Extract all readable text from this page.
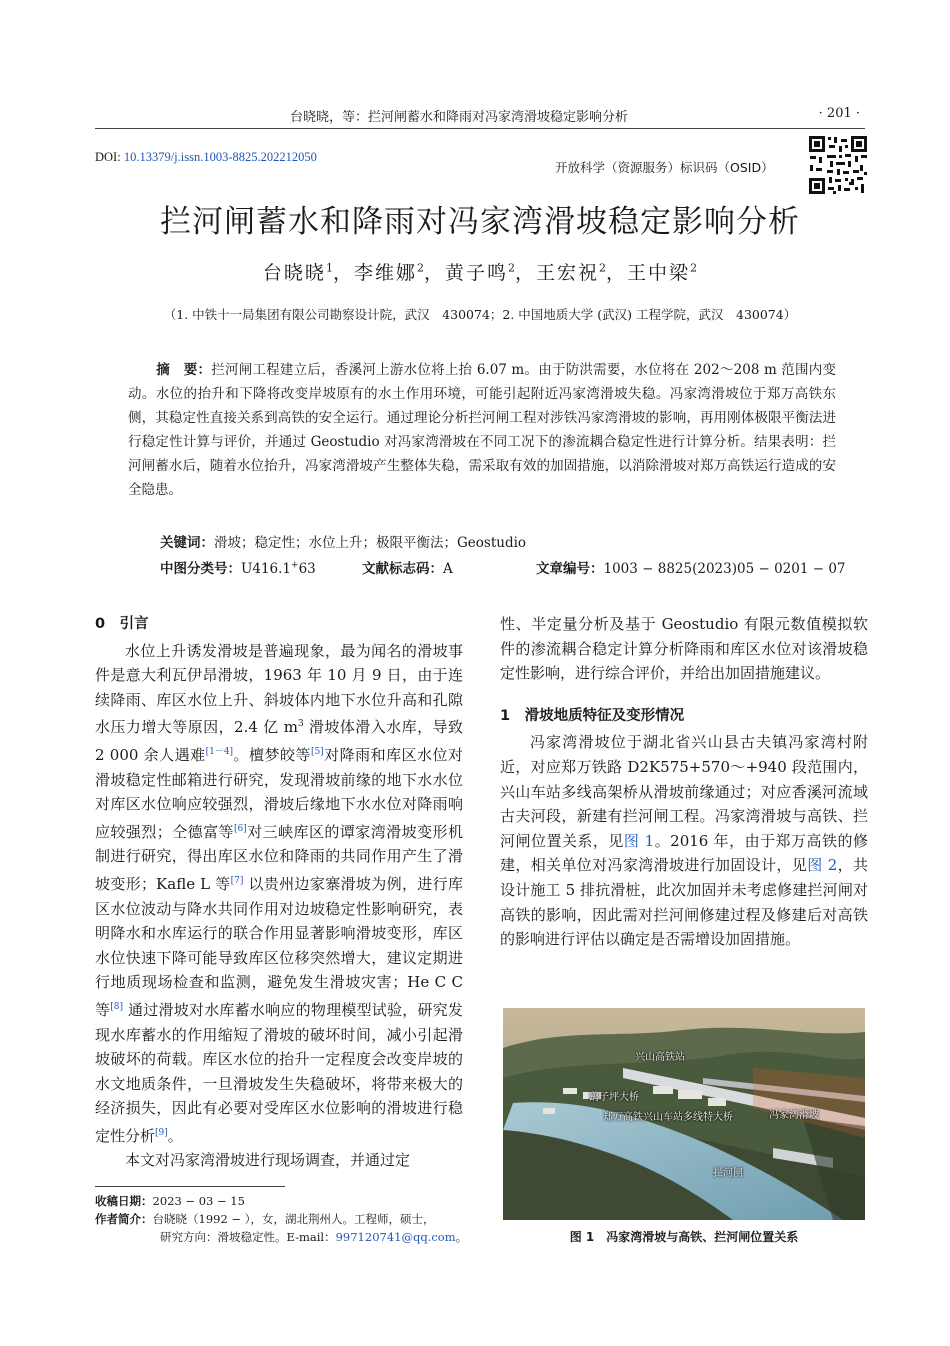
台晓晓，等：拦河闸蓄水和降雨对冯家湾滑坡稳定影响分析	· 201 ·
DOI: 10.13379/j.issn.1003-8825.202212050
开放科学（资源服务）标识码（OSID）
拦河闸蓄水和降雨对冯家湾滑坡稳定影响分析
台晓晓$^1$，李维娜$^2$，黄子鸣$^2$，王宏祝$^2$，王中梁$^2$
（1. 中铁十一局集团有限公司勘察设计院，武汉　430074；2. 中国地质大学 (武汉) 工程学院，武汉　430074）
摘　要：拦河闸工程建立后，香溪河上游水位将上抬 6.07 m。由于防洪需要，水位将在 202～208 m 范围内变动。水位的抬升和下降将改变岸坡原有的水土作用环境，可能引起附近冯家湾滑坡失稳。冯家湾滑坡位于郑万高铁东侧，其稳定性直接关系到高铁的安全运行。通过理论分析拦河闸工程对涉铁冯家湾滑坡的影响，再用刚体极限平衡法进行稳定性计算与评价，并通过 Geostudio 对冯家湾滑坡在不同工况下的渗流耦合稳定性进行计算分析。结果表明：拦河闸蓄水后，随着水位抬升，冯家湾滑坡产生整体失稳，需采取有效的加固措施，以消除滑坡对郑万高铁运行造成的安全隐患。
关键词：滑坡；稳定性；水位上升；极限平衡法；Geostudio
中图分类号：U416.1+63	文献标志码：A	文章编号：1003 − 8825(2023)05 − 0201 − 07
0　引言

水位上升诱发滑坡是普遍现象，最为闻名的滑坡事件是意大利瓦伊昂滑坡，1963 年 10 月 9 日，由于连续降雨、库区水位上升、斜坡体内地下水位升高和孔隙水压力增大等原因，2.4 亿 $m^3$ 滑坡体滑入水库，导致 2 000 余人遇难[1－4]。檀梦皎等[5]对降雨和库区水位对滑坡稳定性邮箱进行研究，发现滑坡前缘的地下水水位对库区水位响应较强烈，滑坡后缘地下水水位对降雨响应较强烈；仝德富等[6]对三峡库区的谭家湾滑坡变形机制进行研究，得出库区水位和降雨的共同作用产生了滑坡变形；Kafle L 等[7] 以贵州边家寨滑坡为例，进行库区水位波动与降水共同作用对边坡稳定性影响研究，表明降水和水库运行的联合作用显著影响滑坡变形，库区水位快速下降可能导致库区位移突然增大，建议定期进行地质现场检查和监测，避免发生滑坡灾害；He C C 等[8] 通过滑坡对水库蓄水响应的物理模型试验，研究发现水库蓄水的作用缩短了滑坡的破坏时间，减小引起滑坡破坏的荷载。库区水位的抬升一定程度会改变岸坡的水文地质条件，一旦滑坡发生失稳破坏，将带来极大的经济损失，因此有必要对受库区水位影响的滑坡进行稳定性分析[9]。

本文对冯家湾滑坡进行现场调查，并通过定

收稿日期：2023 − 03 − 15
作者简介：台晓晓（1992 − ），女，湖北荆州人。工程师，硕士，
研究方向：滑坡稳定性。E-mail：997120741@qq.com。

性、半定量分析及基于 Geostudio 有限元数值模拟软件的渗流耦合稳定计算分析降雨和库区水位对该滑坡稳定性影响，进行综合评价，并给出加固措施建议。

1　滑坡地质特征及变形情况

冯家湾滑坡位于湖北省兴山县古夫镇冯家湾村附近，对应郑万铁路 D2K575+570～+940 段范围内，兴山车站多线高架桥从滑坡前缘通过；对应香溪河流域古夫河段，新建有拦河闸工程。冯家湾滑坡与高铁、拦河闸位置关系，见图 1。2016 年，由于郑万高铁的修建，相关单位对冯家湾滑坡进行加固设计，见图 2，共设计施工 5 排抗滑桩，此次加固并未考虑修建拦河闸对高铁的影响，因此需对拦河闸修建过程及修建后对高铁的影响进行评估以确定是否需增设加固措施。

兴山高铁站
鹞子坪大桥
郑万高铁兴山车站多线特大桥	冯家湾滑坡
拦河闸
图 1　冯家湾滑坡与高铁、拦河闸位置关系
